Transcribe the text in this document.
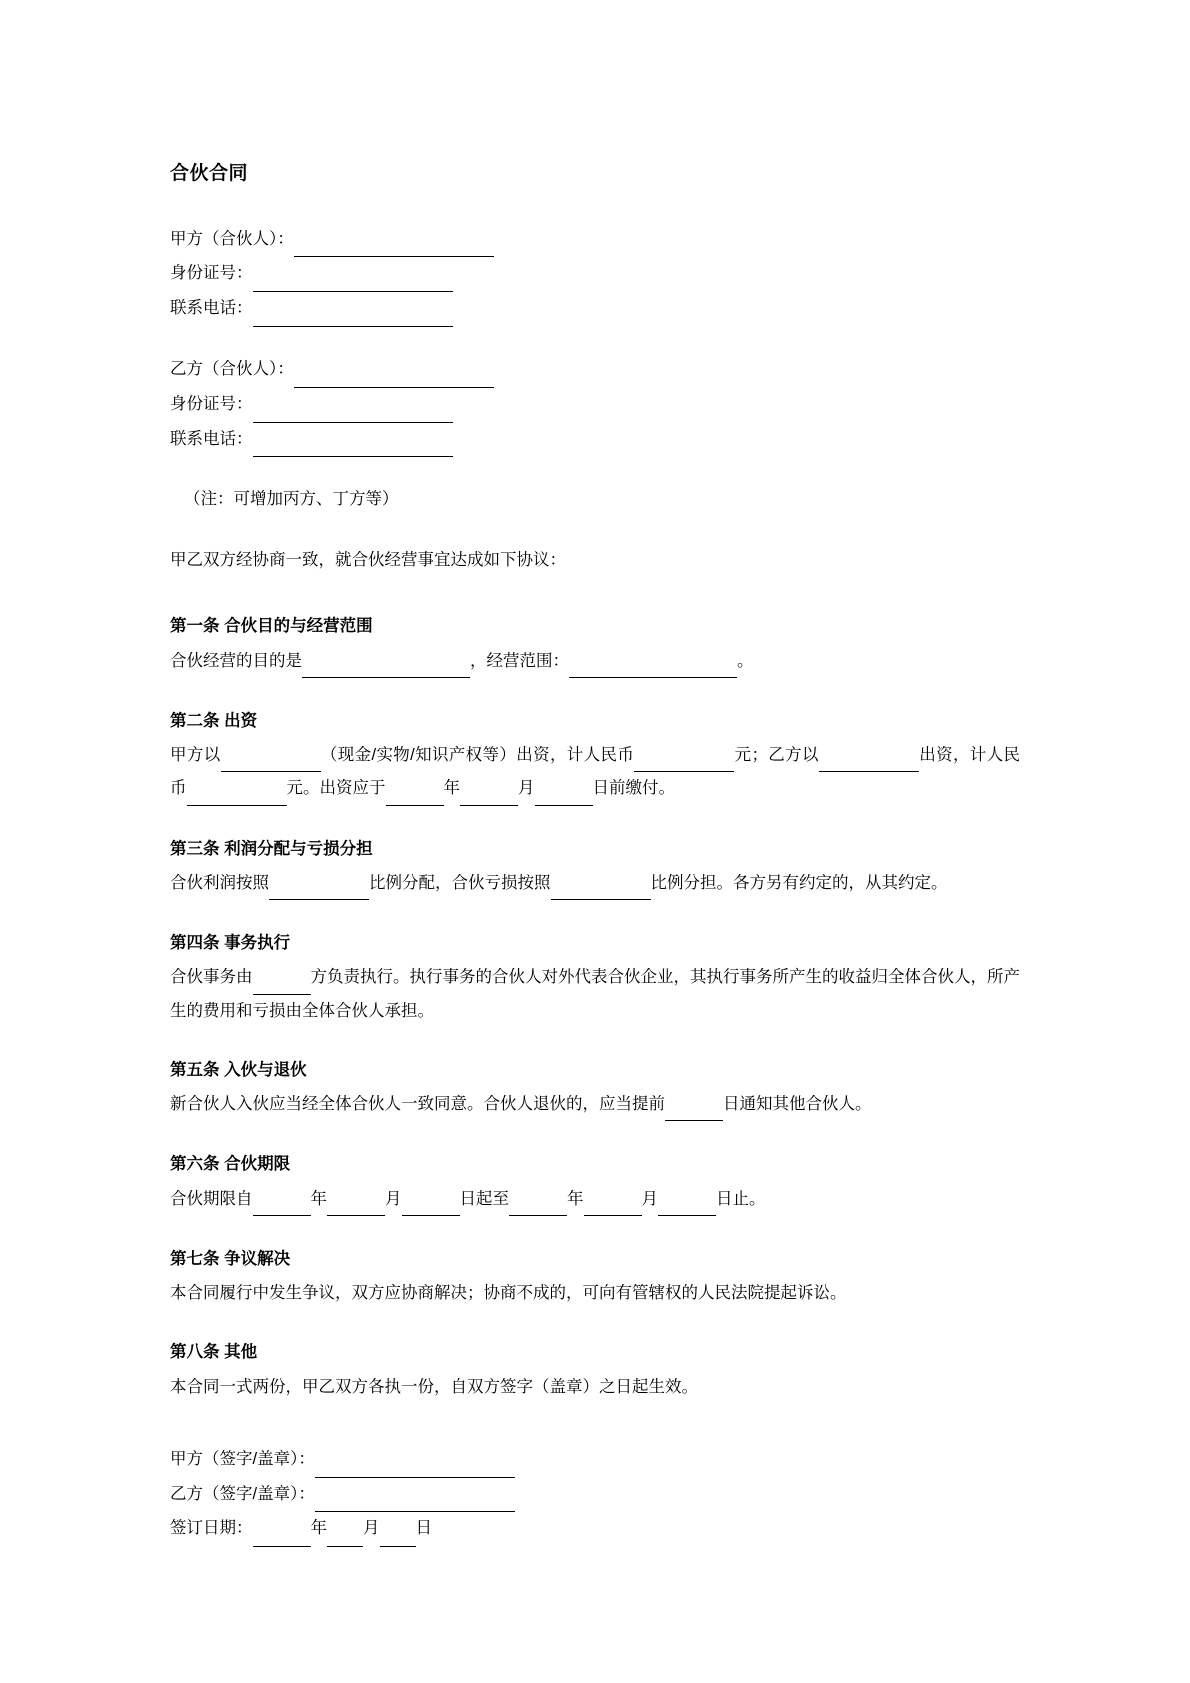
合伙合同
甲方（合伙人）：
身份证号：
联系电话：
乙方（合伙人）：
身份证号：
联系电话：
（注：可增加丙方、丁方等）
甲乙双方经协商一致，就合伙经营事宜达成如下协议：
第一条 合伙目的与经营范围
合伙经营的目的是	，经营范围：	。
第二条 出资
甲方以	（现金/实物/知识产权等）出资，计人民币	元；乙方以	出资，计人民币	元。出资应于	年	月	日前缴付。
第三条 利润分配与亏损分担
合伙利润按照	比例分配，合伙亏损按照	比例分担。各方另有约定的，从其约定。
第四条 事务执行
合伙事务由	方负责执行。执行事务的合伙人对外代表合伙企业，其执行事务所产生的收益归全体合伙人，所产生的费用和亏损由全体合伙人承担。
第五条 入伙与退伙
新合伙人入伙应当经全体合伙人一致同意。合伙人退伙的，应当提前	日通知其他合伙人。
第六条 合伙期限
合伙期限自	年	月	日起至	年	月	日止。
第七条 争议解决
本合同履行中发生争议，双方应协商解决；协商不成的，可向有管辖权的人民法院提起诉讼。
第八条 其他
本合同一式两份，甲乙双方各执一份，自双方签字（盖章）之日起生效。
甲方（签字/盖章）：
乙方（签字/盖章）：
签订日期：	年 月 日
